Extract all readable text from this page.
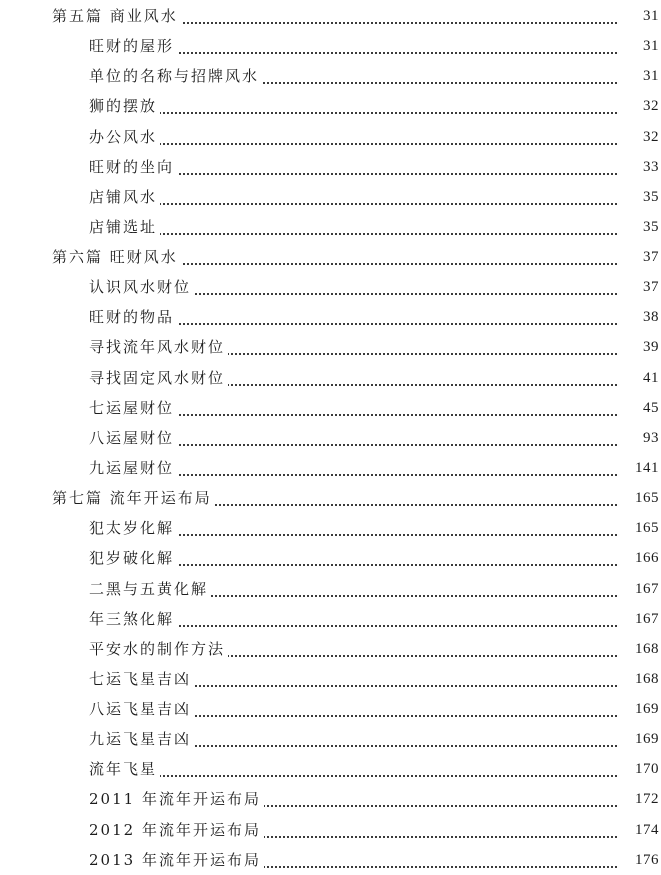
第五篇 商业风水	31
旺财的屋形	31
单位的名称与招牌风水	31
狮的摆放	32
办公风水	32
旺财的坐向	33
店铺风水	35
店铺选址	35
第六篇 旺财风水	37
认识风水财位	37
旺财的物品	38
寻找流年风水财位	39
寻找固定风水财位	41
七运屋财位	45
八运屋财位	93
九运屋财位	141
第七篇 流年开运布局	165
犯太岁化解	165
犯岁破化解	166
二黑与五黄化解	167
年三煞化解	167
平安水的制作方法	168
七运飞星吉凶	168
八运飞星吉凶	169
九运飞星吉凶	169
流年飞星	170
2011 年流年开运布局	172
2012 年流年开运布局	174
2013 年流年开运布局	176
